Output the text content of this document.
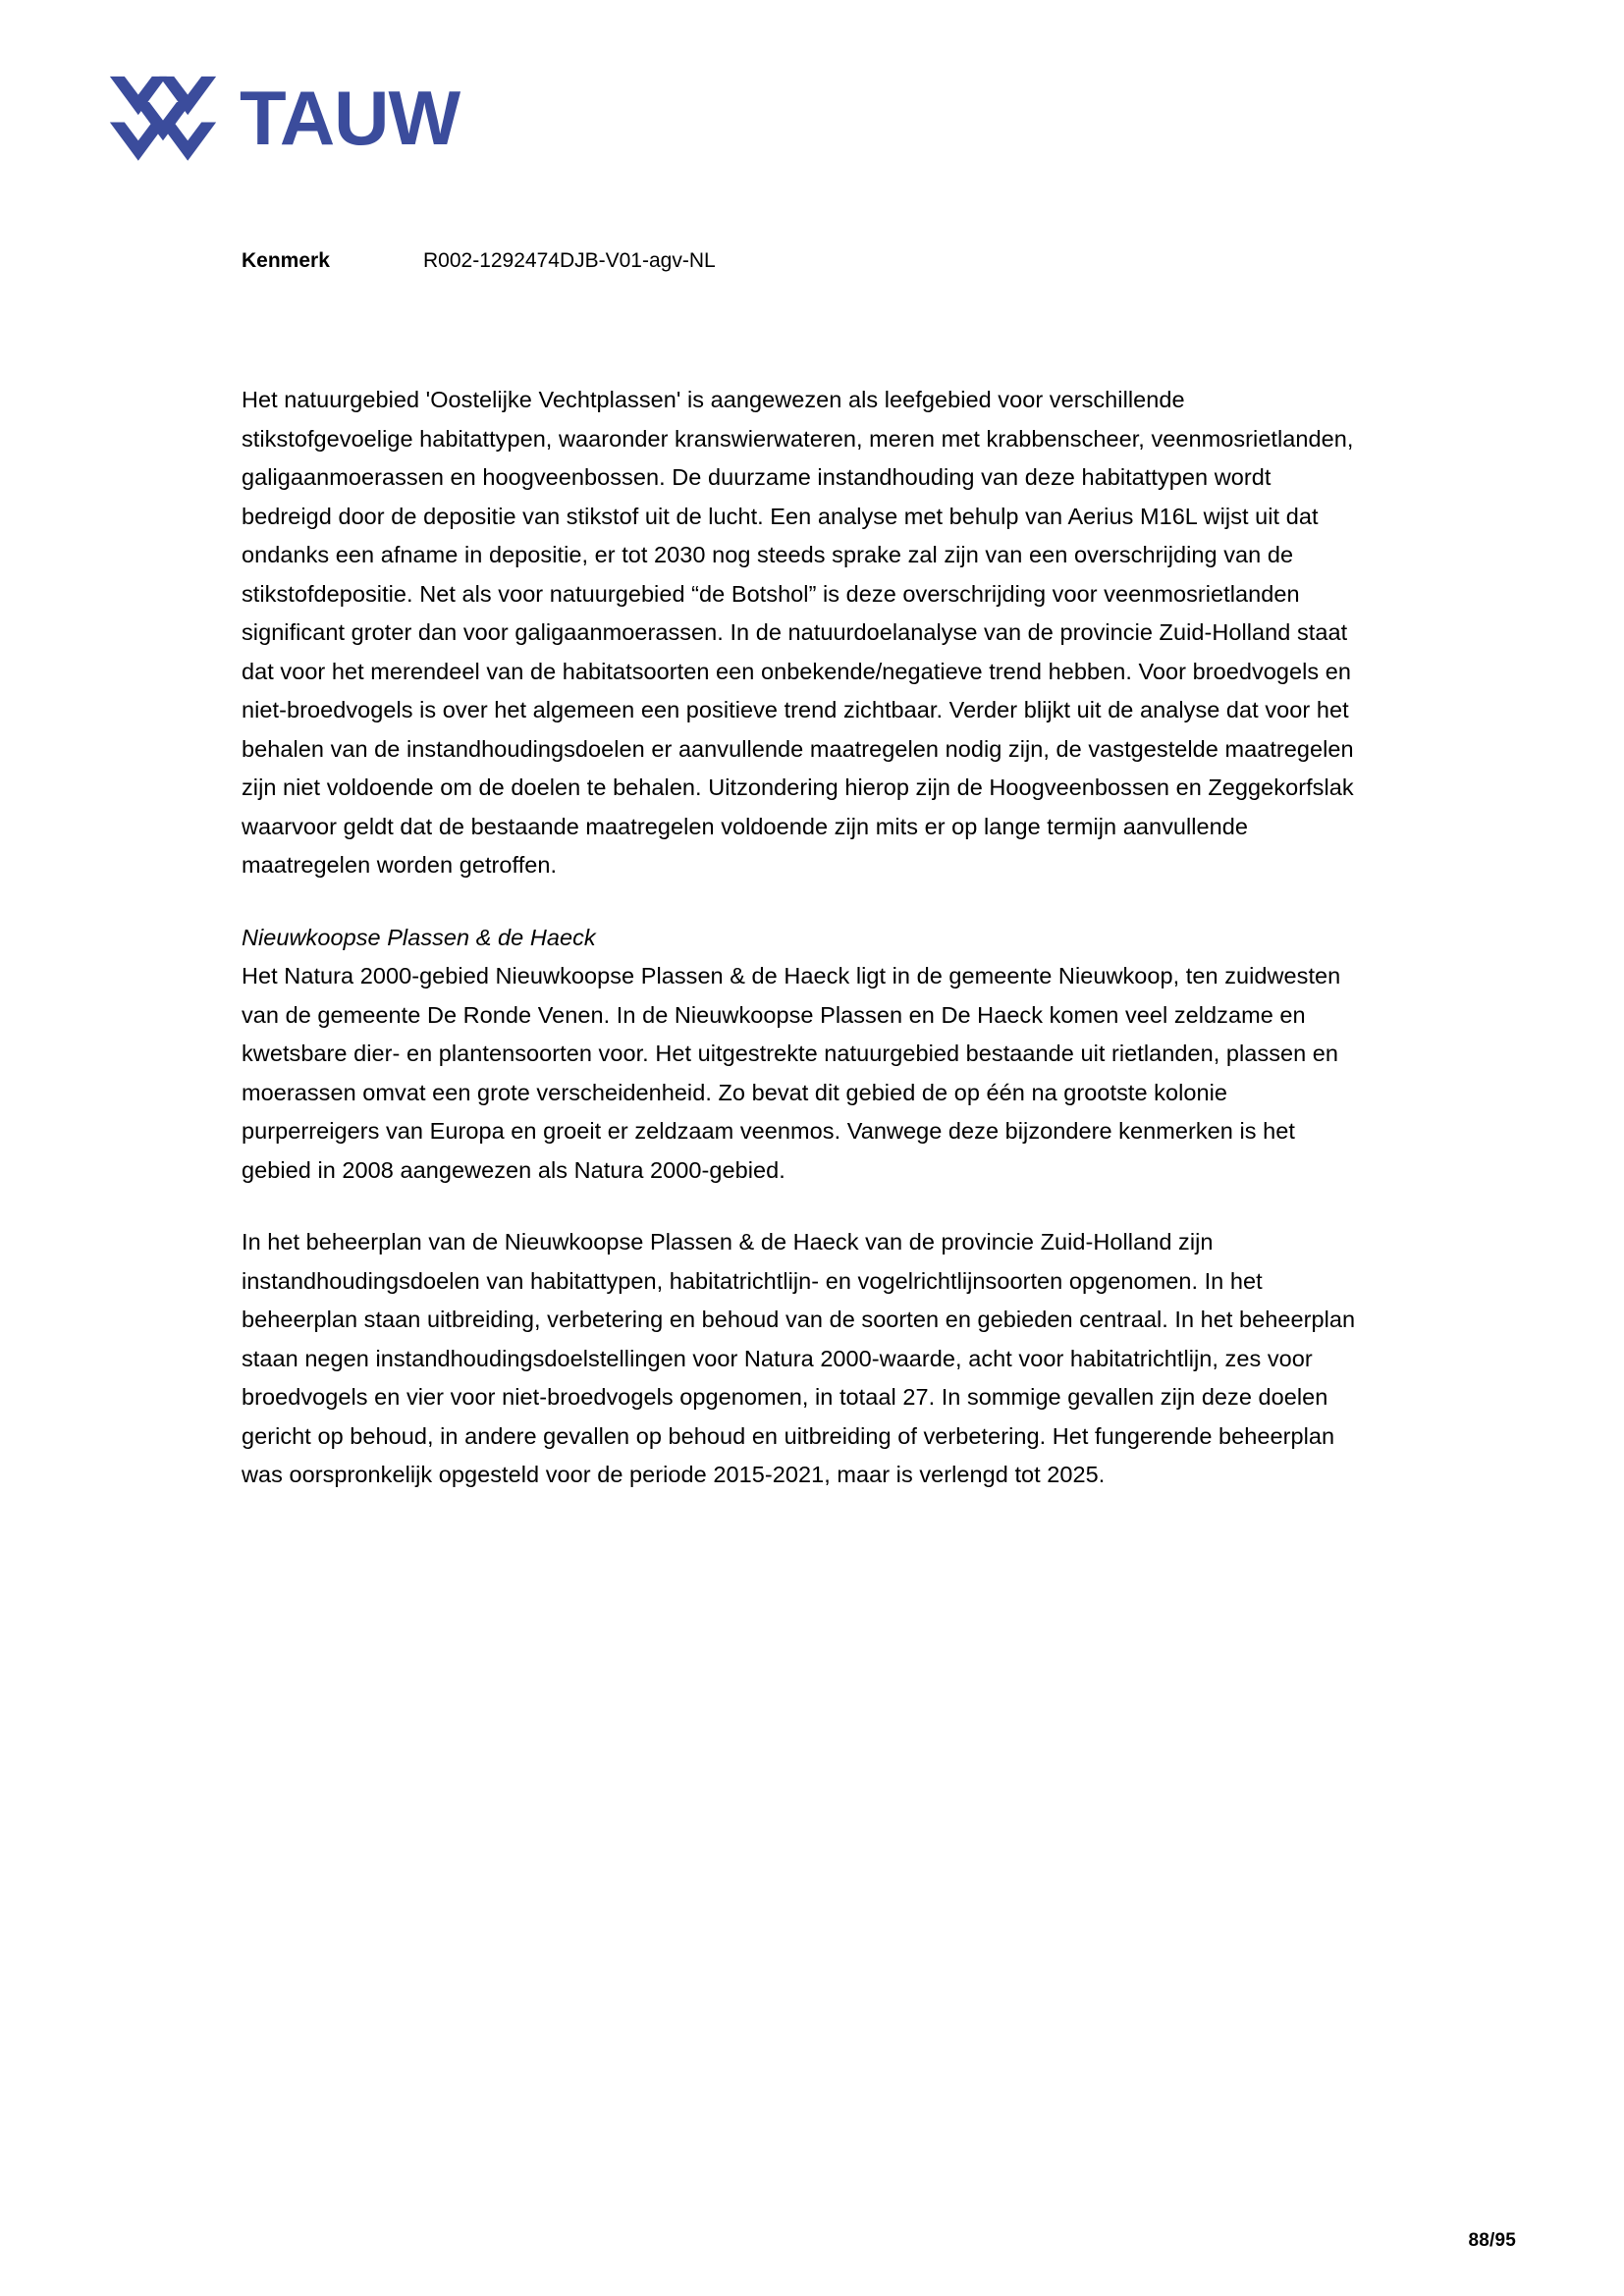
TAUW
Kenmerk	R002-1292474DJB-V01-agv-NL

Het natuurgebied 'Oostelijke Vechtplassen' is aangewezen als leefgebied voor verschillende stikstofgevoelige habitattypen, waaronder kranswierwateren, meren met krabbenscheer, veenmosrietlanden, galigaanmoerassen en hoogveenbossen. De duurzame instandhouding van deze habitattypen wordt bedreigd door de depositie van stikstof uit de lucht. Een analyse met behulp van Aerius M16L wijst uit dat ondanks een afname in depositie, er tot 2030 nog steeds sprake zal zijn van een overschrijding van de stikstofdepositie. Net als voor natuurgebied “de Botshol” is deze overschrijding voor veenmosrietlanden significant groter dan voor galigaanmoerassen. In de natuurdoelanalyse van de provincie Zuid-Holland staat dat voor het merendeel van de habitatsoorten een onbekende/negatieve trend hebben. Voor broedvogels en niet-broedvogels is over het algemeen een positieve trend zichtbaar. Verder blijkt uit de analyse dat voor het behalen van de instandhoudingsdoelen er aanvullende maatregelen nodig zijn, de vastgestelde maatregelen zijn niet voldoende om de doelen te behalen. Uitzondering hierop zijn de Hoogveenbossen en Zeggekorfslak waarvoor geldt dat de bestaande maatregelen voldoende zijn mits er op lange termijn aanvullende maatregelen worden getroffen.

Nieuwkoopse Plassen & de Haeck

Het Natura 2000-gebied Nieuwkoopse Plassen & de Haeck ligt in de gemeente Nieuwkoop, ten zuidwesten van de gemeente De Ronde Venen. In de Nieuwkoopse Plassen en De Haeck komen veel zeldzame en kwetsbare dier- en plantensoorten voor. Het uitgestrekte natuurgebied bestaande uit rietlanden, plassen en moerassen omvat een grote verscheidenheid. Zo bevat dit gebied de op één na grootste kolonie purperreigers van Europa en groeit er zeldzaam veenmos. Vanwege deze bijzondere kenmerken is het gebied in 2008 aangewezen als Natura 2000-gebied.

In het beheerplan van de Nieuwkoopse Plassen & de Haeck van de provincie Zuid-Holland zijn instandhoudingsdoelen van habitattypen, habitatrichtlijn- en vogelrichtlijnsoorten opgenomen. In het beheerplan staan uitbreiding, verbetering en behoud van de soorten en gebieden centraal. In het beheerplan staan negen instandhoudingsdoelstellingen voor Natura 2000-waarde, acht voor habitatrichtlijn, zes voor broedvogels en vier voor niet-broedvogels opgenomen, in totaal 27. In sommige gevallen zijn deze doelen gericht op behoud, in andere gevallen op behoud en uitbreiding of verbetering. Het fungerende beheerplan was oorspronkelijk opgesteld voor de periode 2015-2021, maar is verlengd tot 2025.

88/95
